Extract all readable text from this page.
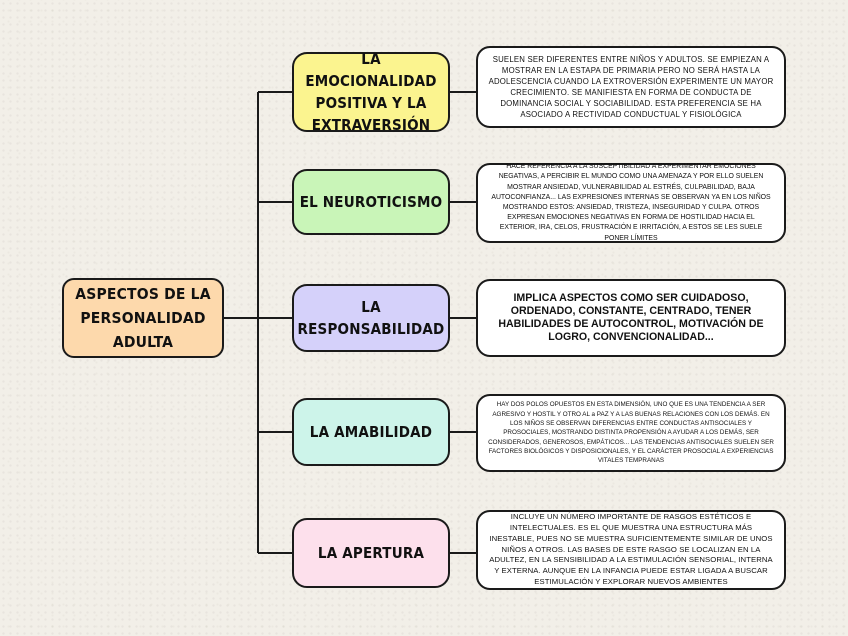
ASPECTOS DE LA PERSONALIDAD ADULTA
LA EMOCIONALIDAD POSITIVA Y LA EXTRAVERSIÓN
SUELEN SER DIFERENTES ENTRE NIÑOS Y ADULTOS. SE EMPIEZAN A MOSTRAR EN LA ESTAPA DE PRIMARIA PERO NO SERÁ HASTA LA ADOLESCENCIA CUANDO LA EXTROVERSIÓN EXPERIMENTE UN MAYOR CRECIMIENTO. SE MANIFIESTA EN FORMA DE CONDUCTA DE DOMINANCIA SOCIAL Y SOCIABILIDAD. ESTA PREFERENCIA SE HA ASOCIADO A RECTIVIDAD CONDUCTUAL Y FISIOLÓGICA
EL NEUROTICISMO
HACE REFERENCIA A LA SUSCEPTIBILIDAD A EXPERIMENTAR EMOCIONES NEGATIVAS, A PERCIBIR EL MUNDO COMO UNA AMENAZA Y POR ELLO SUELEN MOSTRAR ANSIEDAD, VULNERABILIDAD AL ESTRÉS, CULPABILIDAD, BAJA AUTOCONFIANZA... LAS EXPRESIONES INTERNAS SE OBSERVAN YA EN LOS NIÑOS MOSTRANDO ESTOS: ANSIEDAD, TRISTEZA, INSEGURIDAD Y CULPA. OTROS EXPRESAN EMOCIONES NEGATIVAS EN FORMA DE HOSTILIDAD HACIA EL EXTERIOR, IRA, CELOS, FRUSTRACIÓN E IRRITACIÓN, A ESTOS SE LES SUELE PONER LÍMITES
LA RESPONSABILIDAD
IMPLICA ASPECTOS COMO SER CUIDADOSO, ORDENADO, CONSTANTE, CENTRADO, TENER HABILIDADES DE AUTOCONTROL, MOTIVACIÓN DE LOGRO, CONVENCIONALIDAD...
LA AMABILIDAD
HAY DOS POLOS OPUESTOS EN ESTA DIMENSIÓN, UNO QUE ES UNA TENDENCIA A SER AGRESIVO Y HOSTIL Y OTRO AL a PAZ Y A LAS BUENAS RELACIONES CON LOS DEMÁS. EN LOS NIÑOS SE OBSERVAN DIFERENCIAS ENTRE CONDUCTAS ANTISOCIALES Y PROSOCIALES, MOSTRANDO DISTINTA PROPENSIÓN A AYUDAR A LOS DEMÁS, SER CONSIDERADOS, GENEROSOS, EMPÁTICOS... LAS TENDENCIAS ANTISOCIALES SUELEN SER FACTORES BIOLÓGICOS Y DISPOSICIONALES, Y EL CARÁCTER PROSOCIAL A EXPERIENCIAS VITALES TEMPRANAS
LA APERTURA
INCLUYE UN NÚMERO IMPORTANTE DE RASGOS ESTÉTICOS E INTELECTUALES. ES EL QUE MUESTRA UNA ESTRUCTURA MÁS INESTABLE, PUES NO SE MUESTRA SUFICIENTEMENTE SIMILAR DE UNOS NIÑOS A OTROS. LAS BASES DE ESTE RASGO SE LOCALIZAN EN LA ADULTEZ, EN LA SENSIBILIDAD A LA ESTIMULACIÓN SENSORIAL, INTERNA Y EXTERNA. AUNQUE EN LA INFANCIA PUEDE ESTAR LIGADA A BUSCAR ESTIMULACIÓN Y EXPLORAR NUEVOS AMBIENTES
